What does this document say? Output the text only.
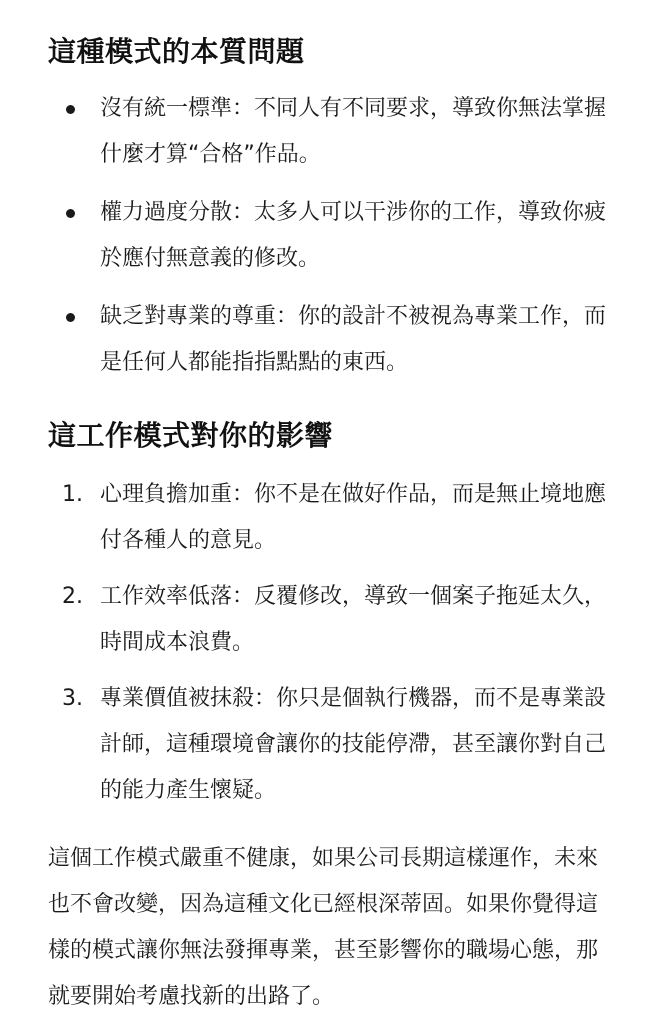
這種模式的本質問題
沒有統一標準：不同人有不同要求，導致你無法掌握什麼才算“合格”作品。
權力過度分散：太多人可以干涉你的工作，導致你疲於應付無意義的修改。
缺乏對專業的尊重：你的設計不被視為專業工作，而是任何人都能指指點點的東西。
這工作模式對你的影響
1. 心理負擔加重：你不是在做好作品，而是無止境地應付各種人的意見。
2. 工作效率低落：反覆修改，導致一個案子拖延太久，時間成本浪費。
3. 專業價值被抹殺：你只是個執行機器，而不是專業設計師，這種環境會讓你的技能停滯，甚至讓你對自己的能力產生懷疑。

這個工作模式嚴重不健康，如果公司長期這樣運作，未來也不會改變，因為這種文化已經根深蒂固。如果你覺得這樣的模式讓你無法發揮專業，甚至影響你的職場心態，那就要開始考慮找新的出路了。
